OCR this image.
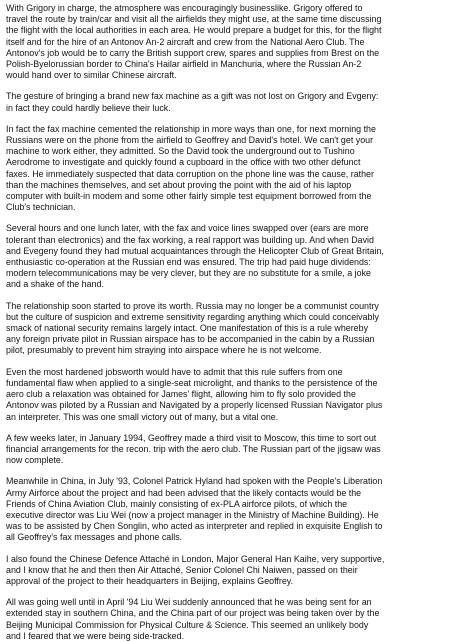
With Grigory in charge, the atmosphere was encouragingly businesslike. Grigory offered to
travel the route by train/car and visit all the airfields they might use, at the same time discussing
the flight with the local authorities in each area. He would prepare a budget for this, for the flight
itself and for the hire of an Antonov An-2 aircraft and crew from the National Aero Club. The
Antonov's job would be to carry the British support crew, spares and supplies from Brest on the
Polish-Byelorussian border to China's Hailar airfield in Manchuria, where the Russian An-2
would hand over to similar Chinese aircraft.

The gesture of bringing a brand new fax machine as a gift was not lost on Grigory and Evgeny:
in fact they could hardly believe their luck.

In fact the fax machine cemented the relationship in more ways than one, for next morning the
Russians were on the phone from the airfield to Geoffrey and David's hotel. We can't get your
machine to work either, they admitted. So the David took the underground out to Tushino
Aerodrome to investigate and quickly found a cupboard in the office with two other defunct
faxes. He immediately suspected that data corruption on the phone line was the cause, rather
than the machines themselves, and set about proving the point with the aid of his laptop
computer with built-in modem and some other fairly simple test equipment borrowed from the
Club's technician.

Several hours and one lunch later, with the fax and voice lines swapped over (ears are more
tolerant than electronics) and the fax working, a real rapport was building up. And when David
and Evegeny found they had mutual acquaintances through the Helicopter Club of Great Britain,
enthusiastic co-operation at the Russian end was ensured. The trip had paid huge dividends:
modern telecommunications may be very clever, but they are no substitute for a smile, a joke
and a shake of the hand.

The relationship soon started to prove its worth. Russia may no longer be a communist country
but the culture of suspicion and extreme sensitivity regarding anything which could conceivably
smack of national security remains largely intact. One manifestation of this is a rule whereby
any foreign private pilot in Russian airspace has to be accompanied in the cabin by a Russian
pilot, presumably to prevent him straying into airspace where he is not welcome.

Even the most hardened jobsworth would have to admit that this rule suffers from one
fundamental flaw when applied to a single-seat microlight, and thanks to the persistence of the
aero club a relaxation was obtained for James' flight, allowing him to fly solo provided the
Antonov was piloted by a Russian and Navigated by a properly licensed Russian Navigator plus
an interpreter. This was one small victory out of many, but a vital one.

A few weeks later, in January 1994, Geoffrey made a third visit to Moscow, this time to sort out
financial arrangements for the recon. trip with the aero club. The Russian part of the jigsaw was
now complete.

Meanwhile in China, in July '93, Colonel Patrick Hyland had spoken with the People's Liberation
Army Airforce about the project and had been advised that the likely contacts would be the
Friends of China Aviation Club, mainly consisting of ex-PLA airforce pilots, of which the
executive director was Liu Wei (now a project manager in the Ministry of Machine Building). He
was to be assisted by Chen Songlin, who acted as interpreter and replied in exquisite English to
all Geoffrey's fax messages and phone calls.

I also found the Chinese Defence Attaché in London, Major General Han Kaihe, very supportive,
and I know that he and then then Air Attaché, Senior Colonel Chi Naiwen, passed on their
approval of the project to their headquarters in Beijing, explains Geoffrey.

All was going well until in April '94 Liu Wei suddenly announced that he was being sent for an
extended stay in southern China, and the China part of our project was being taken over by the
Beijing Municipal Commission for Physical Culture & Science. This seemed an unlikely body
and I feared that we were being side-tracked.
